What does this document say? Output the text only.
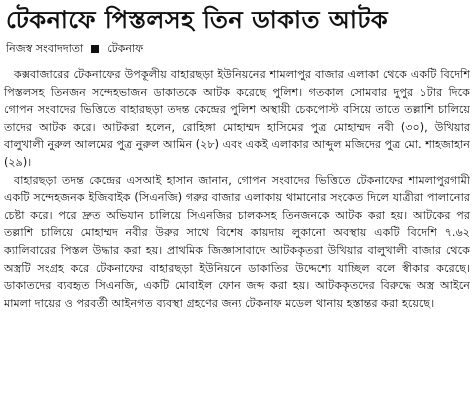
টেকনাফে পিস্তলসহ তিন ডাকাত আটক
নিজস্ব সংবাদদাতা টেকনাফ

কক্সবাজারের টেকনাফের উপকূলীয় বাহারছড়া ইউনিয়নের শামলাপুর বাজার এলাকা থেকে একটি বিদেশি পিস্তলসহ তিনজন সন্দেহভাজন ডাকাতকে আটক করেছে পুলিশ। গতকাল সোমবার দুপুর ১টার দিকে গোপন সংবাদের ভিত্তিতে বাহারছড়া তদন্ত কেন্দ্রের পুলিশ অস্থায়ী চেকপোস্ট বসিয়ে তাতে তল্লাশি চালিয়ে তাদের আটক করে। আটকরা হলেন, রোহিঙ্গা মোহাম্মদ হাসিমের পুত্র মোহাম্মদ নবী (৩০), উখিয়ার বালুখালী নুরুল আলমের পুত্র নুরুল আমিন (২৮) এবং একই এলাকার আব্দুল মজিদের পুত্র মো. শাহজাহান (২৯)।

বাহারছড়া তদন্ত কেন্দ্রের এসআই হাসান জানান, গোপন সংবাদের ভিত্তিতে টেকনাফের শামলাপুরগামী একটি সন্দেহজনক ইজিবাইক (সিএনজি) গরুর বাজার এলাকায় থামানোর সংকেত দিলে যাত্রীরা পালানোর চেষ্টা করে। পরে দ্রুত অভিযান চালিয়ে সিএনজির চালকসহ তিনজনকে আটক করা হয়। আটকের পর তল্লাশি চালিয়ে মোহাম্মদ নবীর উরুর সাথে বিশেষ কায়দায় লুকানো অবস্থায় একটি বিদেশি ৭.৬২ ক্যালিবারের পিস্তল উদ্ধার করা হয়। প্রাথমিক জিজ্ঞাসাবাদে আটককৃতরা উখিয়ার বালুখালী বাজার থেকে অস্ত্রটি সংগ্রহ করে টেকনাফের বাহারছড়া ইউনিয়নে ডাকাতির উদ্দেশ্যে যাচ্ছিল বলে স্বীকার করেছে। ডাকাতদের ব্যবহৃত সিএনজি, একটি মোবাইল ফোন জব্দ করা হয়। আটককৃতদের বিরুদ্ধে অস্ত্র আইনে মামলা দায়ের ও পরবর্তী আইনগত ব্যবস্থা গ্রহণের জন্য টেকনাফ মডেল থানায় হস্তান্তর করা হয়েছে।
